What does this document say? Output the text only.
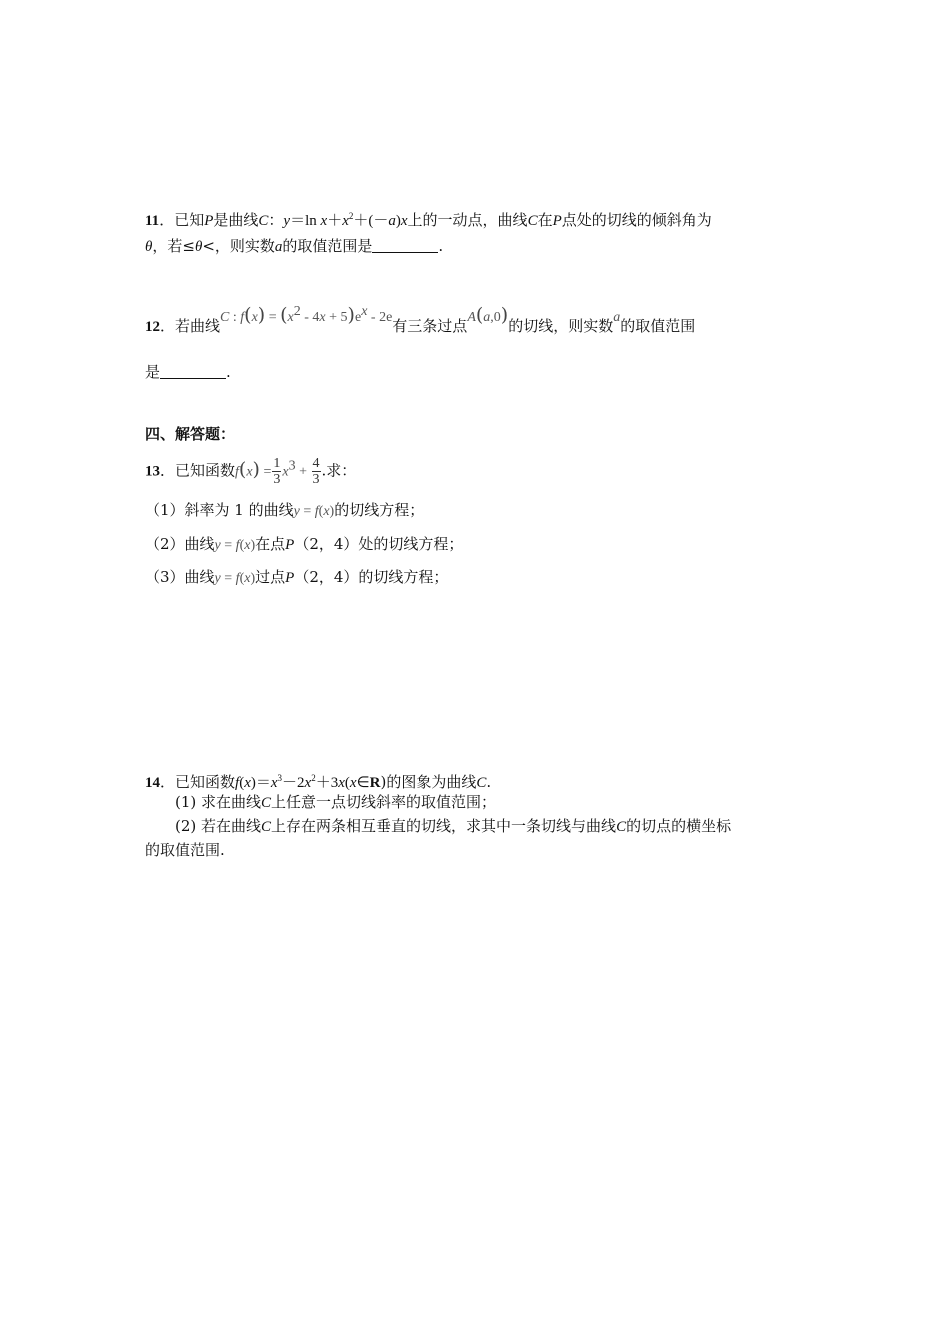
11．已知P是曲线C：y＝ln $x+x^2+(-a)x$上的一动点，曲线C在P点处的切线的倾斜角为
θ，若≤θ<，则实数a的取值范围是	.
12．若曲线C : f(x) = (x2 - 4x + 5)ex - 2e有三条过点A(a,0)的切线，则实数a的取值范围
是	.
四、解答题：
13．已知函数$f(x) = \frac{1}{3} x3 + \frac{4}{3}$ .求：
（1）斜率为 1 的曲线y = f(x)的切线方程；
（2）曲线y = f(x)在点P（2，4）处的切线方程；
（3）曲线y = f(x)过点P（2，4）的切线方程；
14．已知函数$f(x)=x^3-2x^2+3x(x\in R)$的图象为曲线C.
(1) 求在曲线C上任意一点切线斜率的取值范围；
(2) 若在曲线C上存在两条相互垂直的切线，求其中一条切线与曲线C的切点的横坐标
的取值范围.
